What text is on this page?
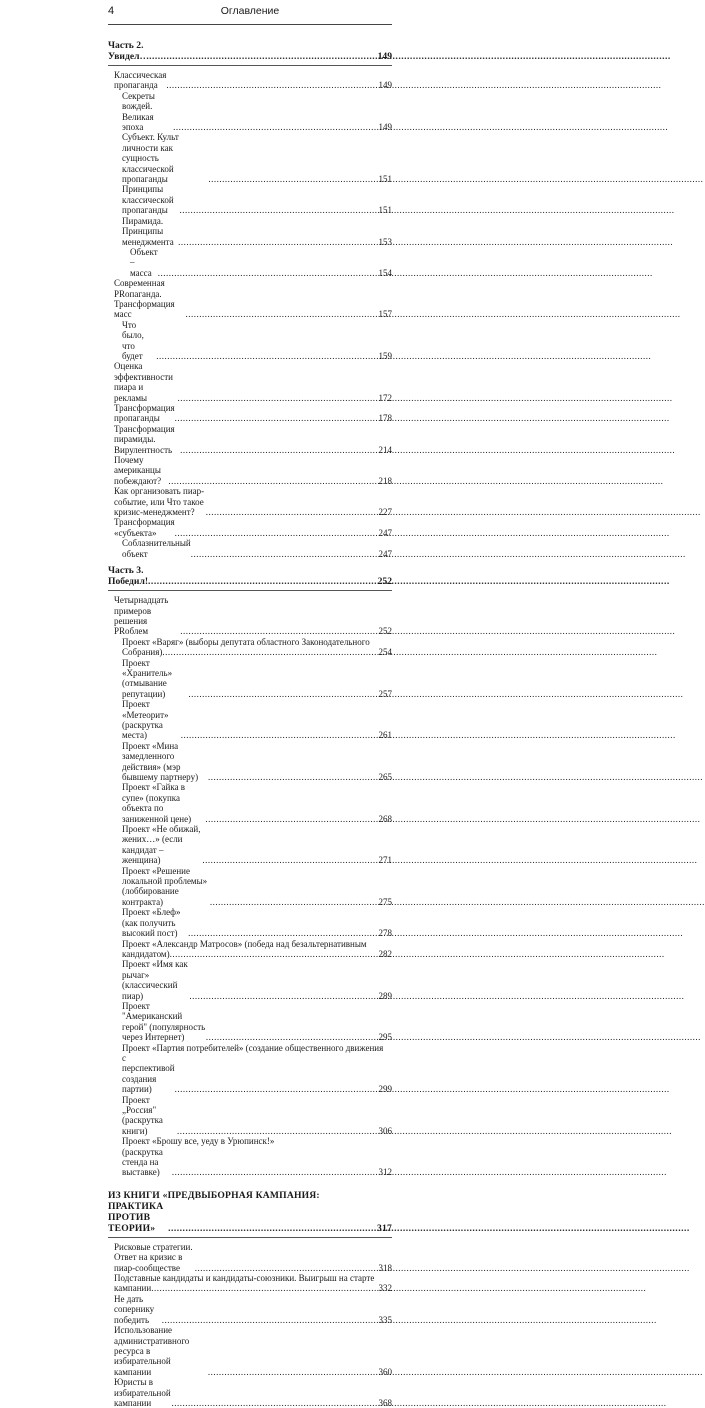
4	Оглавление
Часть 2. Увидел… .....	149
Классическая пропаганда .....	149
Секреты вождей. Великая эпоха .....	149
Субъект. Культ личности как сущность классической пропаганды .....	151
Принципы классической пропаганды .....	151
Пирамида. Принципы менеджмента .....	153
Объект – масса .....	154
Современная PRопаганда. Трансформация масс .....	157
Что было, что будет .....	159
Оценка эффективности пиара и рекламы .....	172
Трансформация пропаганды .....	178
Трансформация пирамиды. Вирулентность .....	214
Почему американцы побеждают? .....	218
Как организовать пиар-событие, или Что такое кризис-менеджмент? .....	227
Трансформация «субъекта» .....	247
Соблазнительный объект .....	247
Часть 3. Победил! .....	252
Четырнадцать примеров решения PRоблем .....	252
Проект «Варяг» (выборы депутата областного Законодательного
Собрания) .....	254
Проект «Хранитель» (отмывание репутации) .....	257
Проект «Метеорит» (раскрутка места) .....	261
Проект «Мина замедленного действия» (мэр бывшему партнеру) .....	265
Проект «Гайка в супе» (покупка объекта по заниженной цене) .....	268
Проект «Не обижай, жених…» (если кандидат – женщина) .....	271
Проект «Решение локальной проблемы» (лоббирование контракта) .....	275
Проект «Блеф» (как получить высокий пост) .....	278
Проект «Александр Матросов» (победа над безальтернативным
кандидатом) .....	282
Проект «Имя как рычаг» (классический пиар) .....	289
Проект "Американский герой" (популярность через Интернет) .....	295
Проект «Партия потребителей» (создание общественного движения
с перспективой создания партии) .....	299
Проект „Россия" (раскрутка книги) .....	306
Проект «Брошу все, уеду в Урюпинск!»
(раскрутка стенда на выставке) .....	312
ИЗ КНИГИ «ПРЕДВЫБОРНАЯ КАМПАНИЯ:
ПРАКТИКА ПРОТИВ ТЕОРИИ» .....	317
Рисковые стратегии. Ответ на кризис в пиар-сообществе .....	318
Подставные кандидаты и кандидаты-союзники. Выигрыш на старте
кампании .....	332
Не дать сопернику победить .....	335
Использование административного ресурса в избирательной кампании .....	360
Юристы в избирательной кампании .....	368
